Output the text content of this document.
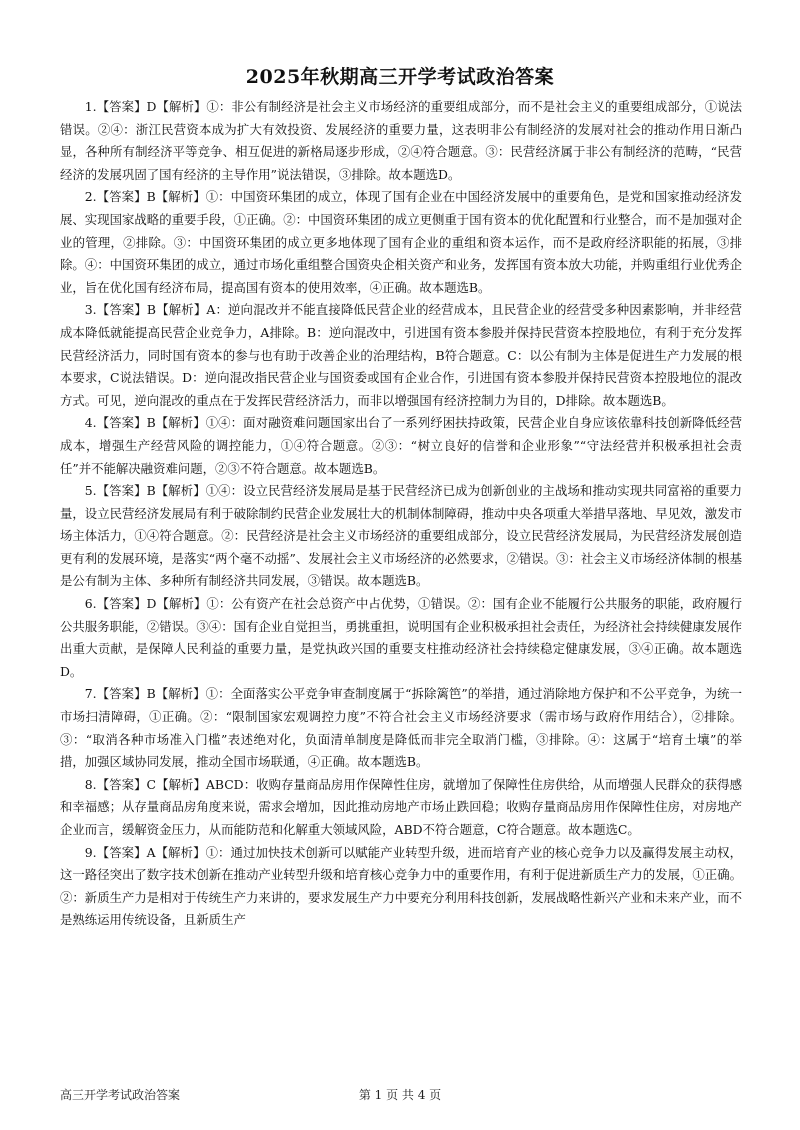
2025年秋期高三开学考试政治答案

1.【答案】D【解析】①：非公有制经济是社会主义市场经济的重要组成部分，而不是社会主义的重要组成部分，①说法错误。②④：浙江民营资本成为扩大有效投资、发展经济的重要力量，这表明非公有制经济的发展对社会的推动作用日渐凸显，各种所有制经济平等竞争、相互促进的新格局逐步形成，②④符合题意。③：民营经济属于非公有制经济的范畴，“民营经济的发展巩固了国有经济的主导作用”说法错误，③排除。故本题选D。

2.【答案】B【解析】①：中国资环集团的成立，体现了国有企业在中国经济发展中的重要角色，是党和国家推动经济发展、实现国家战略的重要手段，①正确。②：中国资环集团的成立更侧重于国有资本的优化配置和行业整合，而不是加强对企业的管理，②排除。③：中国资环集团的成立更多地体现了国有企业的重组和资本运作，而不是政府经济职能的拓展，③排除。④：中国资环集团的成立，通过市场化重组整合国资央企相关资产和业务，发挥国有资本放大功能，并购重组行业优秀企业，旨在优化国有经济布局，提高国有资本的使用效率，④正确。故本题选B。

3.【答案】B【解析】A：逆向混改并不能直接降低民营企业的经营成本，且民营企业的经营受多种因素影响，并非经营成本降低就能提高民营企业竞争力，A排除。B：逆向混改中，引进国有资本参股并保持民营资本控股地位，有利于充分发挥民营经济活力，同时国有资本的参与也有助于改善企业的治理结构，B符合题意。C：以公有制为主体是促进生产力发展的根本要求，C说法错误。D：逆向混改指民营企业与国资委或国有企业合作，引进国有资本参股并保持民营资本控股地位的混改方式。可见，逆向混改的重点在于发挥民营经济活力，而非以增强国有经济控制力为目的，D排除。故本题选B。

4.【答案】B【解析】①④：面对融资难问题国家出台了一系列纾困扶持政策，民营企业自身应该依靠科技创新降低经营成本，增强生产经营风险的调控能力，①④符合题意。②③：“树立良好的信誉和企业形象”“守法经营并积极承担社会责任”并不能解决融资难问题，②③不符合题意。故本题选B。

5.【答案】B【解析】①④：设立民营经济发展局是基于民营经济已成为创新创业的主战场和推动实现共同富裕的重要力量，设立民营经济发展局有利于破除制约民营企业发展壮大的机制体制障碍，推动中央各项重大举措早落地、早见效，激发市场主体活力，①④符合题意。②：民营经济是社会主义市场经济的重要组成部分，设立民营经济发展局，为民营经济发展创造更有利的发展环境，是落实“两个毫不动摇”、发展社会主义市场经济的必然要求，②错误。③：社会主义市场经济体制的根基是公有制为主体、多种所有制经济共同发展，③错误。故本题选B。

6.【答案】D【解析】①：公有资产在社会总资产中占优势，①错误。②：国有企业不能履行公共服务的职能，政府履行公共服务职能，②错误。③④：国有企业自觉担当，勇挑重担，说明国有企业积极承担社会责任，为经济社会持续健康发展作出重大贡献，是保障人民利益的重要力量，是党执政兴国的重要支柱推动经济社会持续稳定健康发展，③④正确。故本题选D。

7.【答案】B【解析】①：全面落实公平竞争审查制度属于“拆除篱笆”的举措，通过消除地方保护和不公平竞争，为统一市场扫清障碍，①正确。②：“限制国家宏观调控力度”不符合社会主义市场经济要求（需市场与政府作用结合），②排除。③：“取消各种市场准入门槛”表述绝对化，负面清单制度是降低而非完全取消门槛，③排除。④：这属于“培育土壤”的举措，加强区域协同发展，推动全国市场联通，④正确。故本题选B。

8.【答案】C【解析】ABCD：收购存量商品房用作保障性住房，就增加了保障性住房供给，从而增强人民群众的获得感和幸福感；从存量商品房角度来说，需求会增加，因此推动房地产市场止跌回稳；收购存量商品房用作保障性住房，对房地产企业而言，缓解资金压力，从而能防范和化解重大领域风险，ABD不符合题意，C符合题意。故本题选C。

9.【答案】A【解析】①：通过加快技术创新可以赋能产业转型升级，进而培育产业的核心竞争力以及赢得发展主动权，这一路径突出了数字技术创新在推动产业转型升级和培育核心竞争力中的重要作用，有利于促进新质生产力的发展，①正确。②：新质生产力是相对于传统生产力来讲的，要求发展生产力中要充分利用科技创新，发展战略性新兴产业和未来产业，而不是熟练运用传统设备，且新质生产

第 1 页 共 4 页
高三开学考试政治答案
